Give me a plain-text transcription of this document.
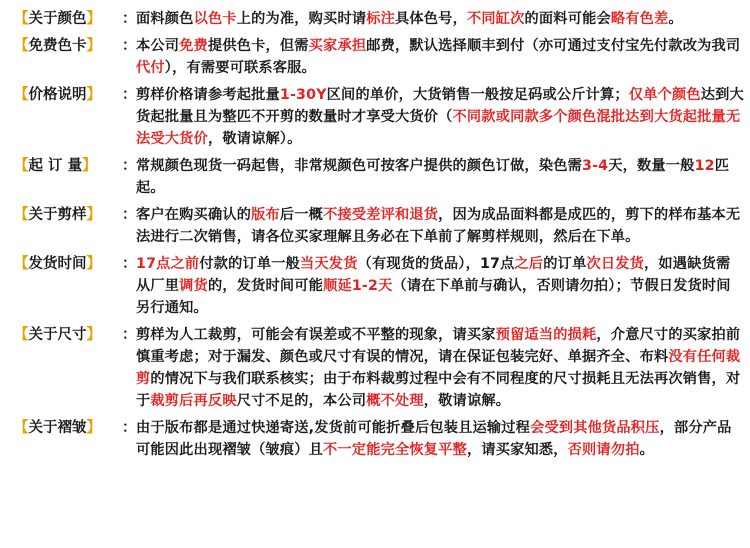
【关于颜色】	： 面料颜色以色卡上的为准，购买时请标注具体色号，不同缸次的面料可能会略有色差。
【免费色卡】	： 本公司免费提供色卡，但需买家承担邮费，默认选择顺丰到付（亦可通过支付宝先付款改为我司代付），有需要可联系客服。
【价格说明】	： 剪样价格请参考起批量1-30Y区间的单价，大货销售一般按足码或公斤计算；仅单个颜色达到大货起批量且为整匹不开剪的数量时才享受大货价（不同款或同款多个颜色混批达到大货起批量无法受大货价，敬请谅解）。
【起 订 量】	： 常规颜色现货一码起售，非常规颜色可按客户提供的颜色订做，染色需3-4天，数量一般12匹起。
【关于剪样】	： 客户在购买确认的版布后一概不接受差评和退货，因为成品面料都是成匹的，剪下的样布基本无法进行二次销售，请各位买家理解且务必在下单前了解剪样规则，然后在下单。
【发货时间】	： 17点之前付款的订单一般当天发货（有现货的货品），17点之后的订单次日发货，如遇缺货需从厂里调货的，发货时间可能顺延1-2天（请在下单前与确认，否则请勿拍）；节假日发货时间另行通知。
【关于尺寸】	： 剪样为人工裁剪，可能会有误差或不平整的现象，请买家预留适当的损耗，介意尺寸的买家拍前慎重考虑；对于漏发、颜色或尺寸有误的情况，请在保证包装完好、单据齐全、布料没有任何裁剪的情况下与我们联系核实；由于布料裁剪过程中会有不同程度的尺寸损耗且无法再次销售，对于裁剪后再反映尺寸不足的，本公司概不处理，敬请谅解。
【关于褶皱】	： 由于版布都是通过快递寄送,发货前可能折叠后包装且运输过程会受到其他货品积压，部分产品可能因此出现褶皱（皱痕）且不一定能完全恢复平整，请买家知悉，否则请勿拍。
